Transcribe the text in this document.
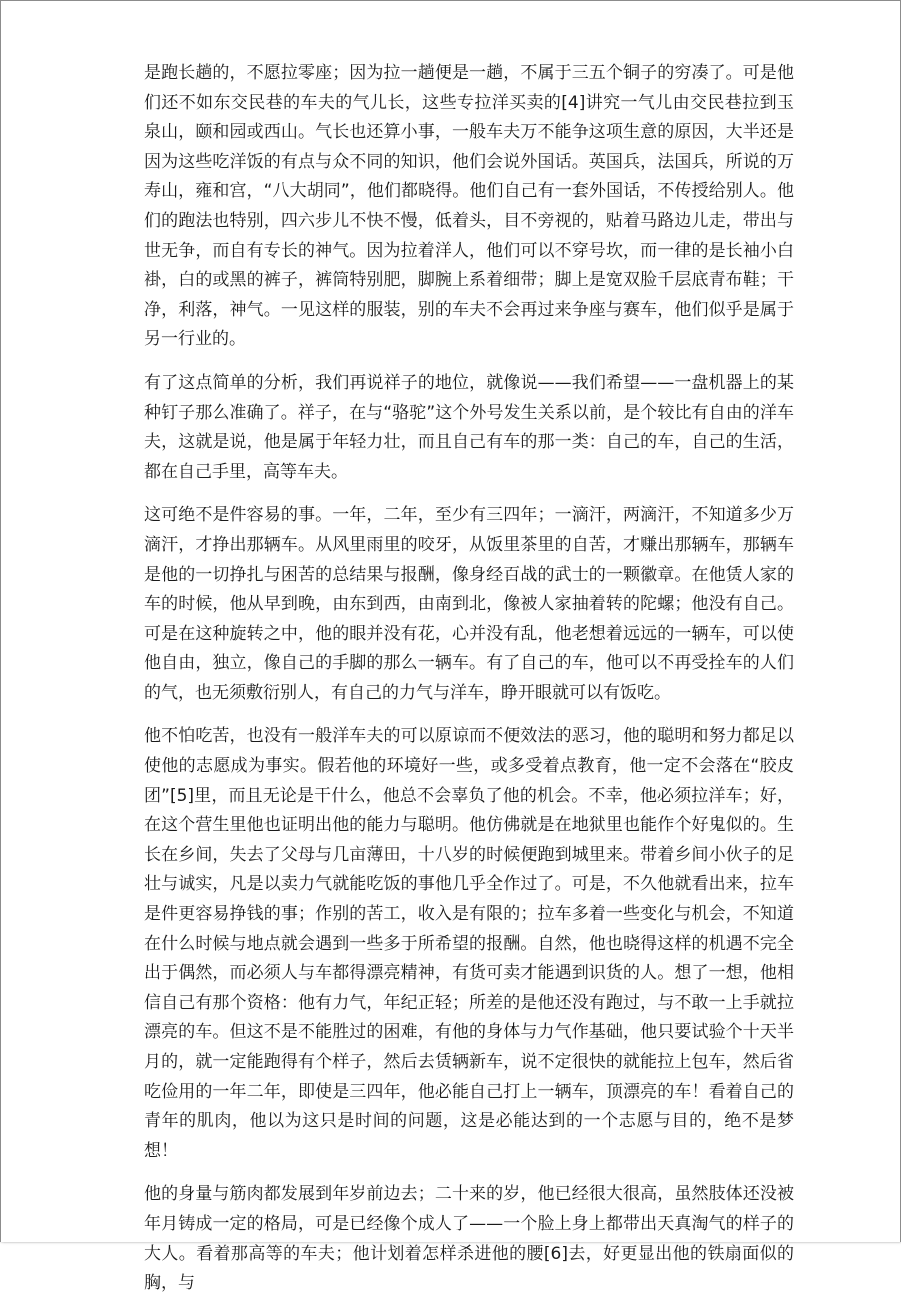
是跑长趟的，不愿拉零座；因为拉一趟便是一趟，不属于三五个铜子的穷凑了。可是他们还不如东交民巷的车夫的气儿长，这些专拉洋买卖的[4]讲究一气儿由交民巷拉到玉泉山，颐和园或西山。气长也还算小事，一般车夫万不能争这项生意的原因，大半还是因为这些吃洋饭的有点与众不同的知识，他们会说外国话。英国兵，法国兵，所说的万寿山，雍和宫，“八大胡同”，他们都晓得。他们自己有一套外国话，不传授给别人。他们的跑法也特别，四六步儿不快不慢，低着头，目不旁视的，贴着马路边儿走，带出与世无争，而自有专长的神气。因为拉着洋人，他们可以不穿号坎，而一律的是长袖小白褂，白的或黑的裤子，裤筒特别肥，脚腕上系着细带；脚上是宽双脸千层底青布鞋；干净，利落，神气。一见这样的服装，别的车夫不会再过来争座与赛车，他们似乎是属于另一行业的。

有了这点简单的分析，我们再说祥子的地位，就像说——我们希望——一盘机器上的某种钉子那么准确了。祥子，在与“骆驼”这个外号发生关系以前，是个较比有自由的洋车夫，这就是说，他是属于年轻力壮，而且自己有车的那一类：自己的车，自己的生活，都在自己手里，高等车夫。

这可绝不是件容易的事。一年，二年，至少有三四年；一滴汗，两滴汗，不知道多少万滴汗，才挣出那辆车。从风里雨里的咬牙，从饭里茶里的自苦，才赚出那辆车，那辆车是他的一切挣扎与困苦的总结果与报酬，像身经百战的武士的一颗徽章。在他赁人家的车的时候，他从早到晚，由东到西，由南到北，像被人家抽着转的陀螺；他没有自己。可是在这种旋转之中，他的眼并没有花，心并没有乱，他老想着远远的一辆车，可以使他自由，独立，像自己的手脚的那么一辆车。有了自己的车，他可以不再受拴车的人们的气，也无须敷衍别人，有自己的力气与洋车，睁开眼就可以有饭吃。

他不怕吃苦，也没有一般洋车夫的可以原谅而不便效法的恶习，他的聪明和努力都足以使他的志愿成为事实。假若他的环境好一些，或多受着点教育，他一定不会落在“胶皮团”[5]里，而且无论是干什么，他总不会辜负了他的机会。不幸，他必须拉洋车；好，在这个营生里他也证明出他的能力与聪明。他仿佛就是在地狱里也能作个好鬼似的。生长在乡间，失去了父母与几亩薄田，十八岁的时候便跑到城里来。带着乡间小伙子的足壮与诚实，凡是以卖力气就能吃饭的事他几乎全作过了。可是，不久他就看出来，拉车是件更容易挣钱的事；作别的苦工，收入是有限的；拉车多着一些变化与机会，不知道在什么时候与地点就会遇到一些多于所希望的报酬。自然，他也晓得这样的机遇不完全出于偶然，而必须人与车都得漂亮精神，有货可卖才能遇到识货的人。想了一想，他相信自己有那个资格：他有力气，年纪正轻；所差的是他还没有跑过，与不敢一上手就拉漂亮的车。但这不是不能胜过的困难，有他的身体与力气作基础，他只要试验个十天半月的，就一定能跑得有个样子，然后去赁辆新车，说不定很快的就能拉上包车，然后省吃俭用的一年二年，即使是三四年，他必能自己打上一辆车，顶漂亮的车！看着自己的青年的肌肉，他以为这只是时间的问题，这是必能达到的一个志愿与目的，绝不是梦想！

他的身量与筋肉都发展到年岁前边去；二十来的岁，他已经很大很高，虽然肢体还没被年月铸成一定的格局，可是已经像个成人了——一个脸上身上都带出天真淘气的样子的大人。看着那高等的车夫；他计划着怎样杀进他的腰[6]去，好更显出他的铁扇面似的胸，与
